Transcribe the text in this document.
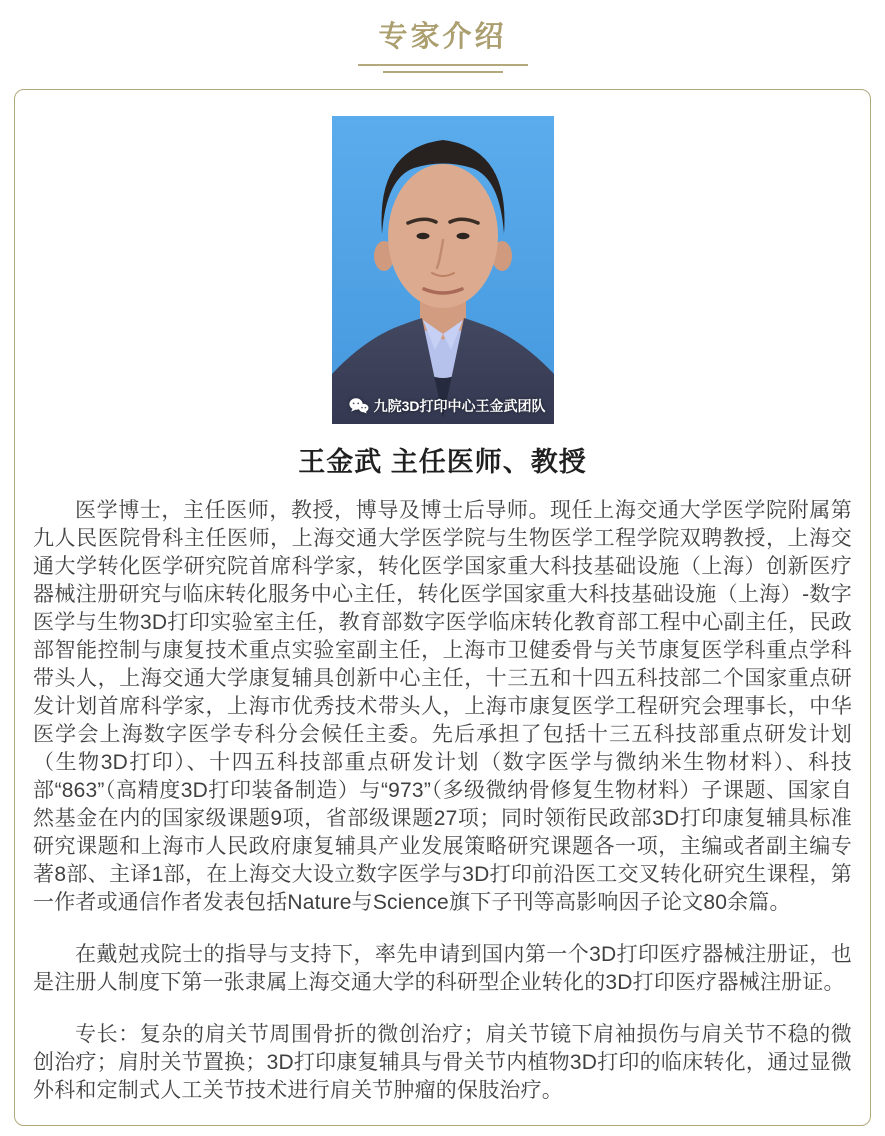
专家介绍
九院3D打印中心王金武团队
王金武 主任医师、教授

医学博士，主任医师，教授，博导及博士后导师。现任上海交通大学医学院附属第九人民医院骨科主任医师，上海交通大学医学院与生物医学工程学院双聘教授，上海交通大学转化医学研究院首席科学家，转化医学国家重大科技基础设施（上海）创新医疗器械注册研究与临床转化服务中心主任，转化医学国家重大科技基础设施（上海）-数字医学与生物3D打印实验室主任，教育部数字医学临床转化教育部工程中心副主任，民政部智能控制与康复技术重点实验室副主任，上海市卫健委骨与关节康复医学科重点学科带头人，上海交通大学康复辅具创新中心主任，十三五和十四五科技部二个国家重点研发计划首席科学家，上海市优秀技术带头人，上海市康复医学工程研究会理事长，中华医学会上海数字医学专科分会候任主委。先后承担了包括十三五科技部重点研发计划（生物3D打印）、十四五科技部重点研发计划（数字医学与微纳米生物材料）、科技部“863”（高精度3D打印装备制造）与“973”（多级微纳骨修复生物材料）子课题、国家自然基金在内的国家级课题9项，省部级课题27项；同时领衔民政部3D打印康复辅具标准研究课题和上海市人民政府康复辅具产业发展策略研究课题各一项，主编或者副主编专著8部、主译1部，在上海交大设立数字医学与3D打印前沿医工交叉转化研究生课程，第一作者或通信作者发表包括Nature与Science旗下子刊等高影响因子论文80余篇。

在戴尅戎院士的指导与支持下，率先申请到国内第一个3D打印医疗器械注册证，也是注册人制度下第一张隶属上海交通大学的科研型企业转化的3D打印医疗器械注册证。

专长：复杂的肩关节周围骨折的微创治疗；肩关节镜下肩袖损伤与肩关节不稳的微创治疗；肩肘关节置换；3D打印康复辅具与骨关节内植物3D打印的临床转化，通过显微外科和定制式人工关节技术进行肩关节肿瘤的保肢治疗。
